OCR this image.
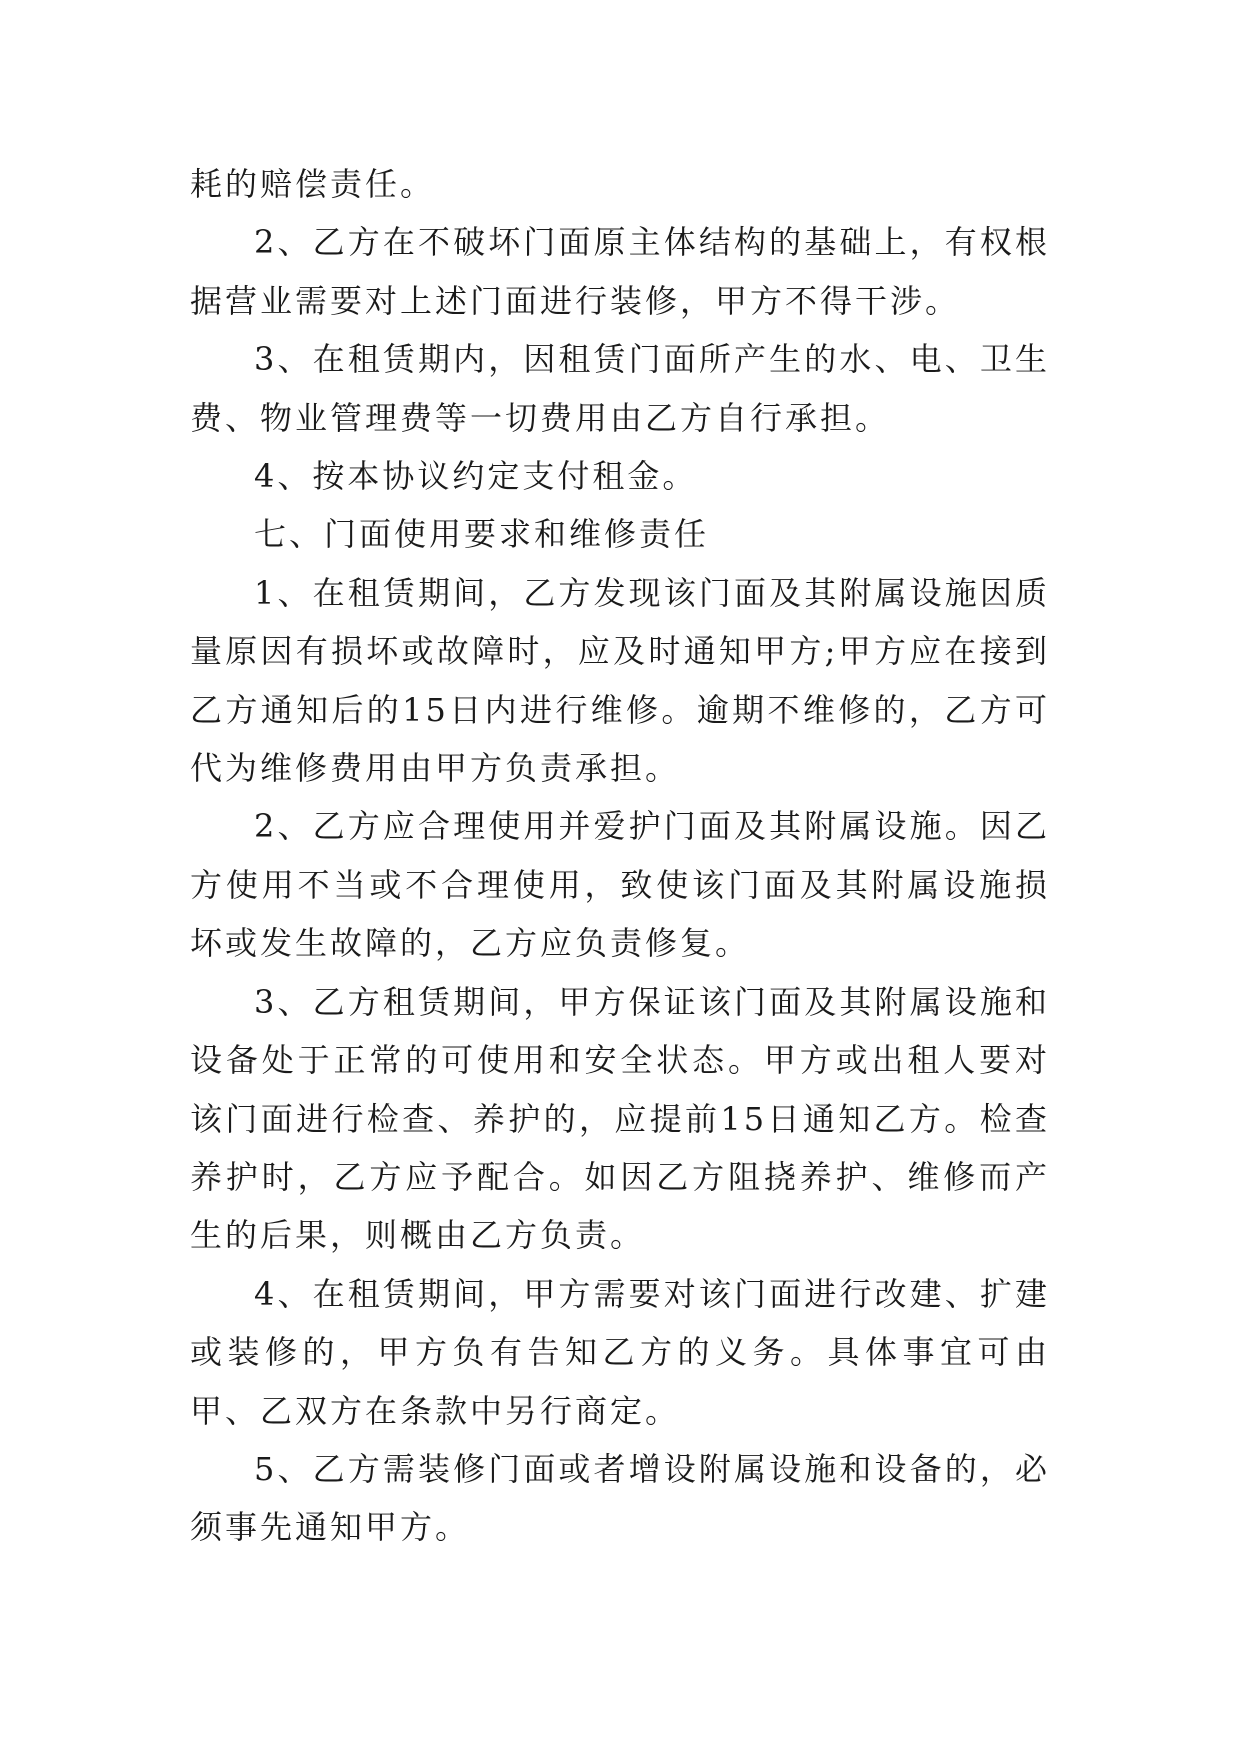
耗的赔偿责任。

2、乙方在不破坏门面原主体结构的基础上，有权根据营业需要对上述门面进行装修，甲方不得干涉。

3、在租赁期内，因租赁门面所产生的水、电、卫生费、物业管理费等一切费用由乙方自行承担。

4、按本协议约定支付租金。

七、门面使用要求和维修责任

1、在租赁期间，乙方发现该门面及其附属设施因质量原因有损坏或故障时，应及时通知甲方;甲方应在接到乙方通知后的15日内进行维修。逾期不维修的，乙方可代为维修费用由甲方负责承担。

2、乙方应合理使用并爱护门面及其附属设施。因乙方使用不当或不合理使用，致使该门面及其附属设施损坏或发生故障的，乙方应负责修复。

3、乙方租赁期间，甲方保证该门面及其附属设施和设备处于正常的可使用和安全状态。甲方或出租人要对该门面进行检查、养护的，应提前15日通知乙方。检查养护时，乙方应予配合。如因乙方阻挠养护、维修而产生的后果，则概由乙方负责。

4、在租赁期间，甲方需要对该门面进行改建、扩建或装修的，甲方负有告知乙方的义务。具体事宜可由甲、乙双方在条款中另行商定。

5、乙方需装修门面或者增设附属设施和设备的，必须事先通知甲方。
